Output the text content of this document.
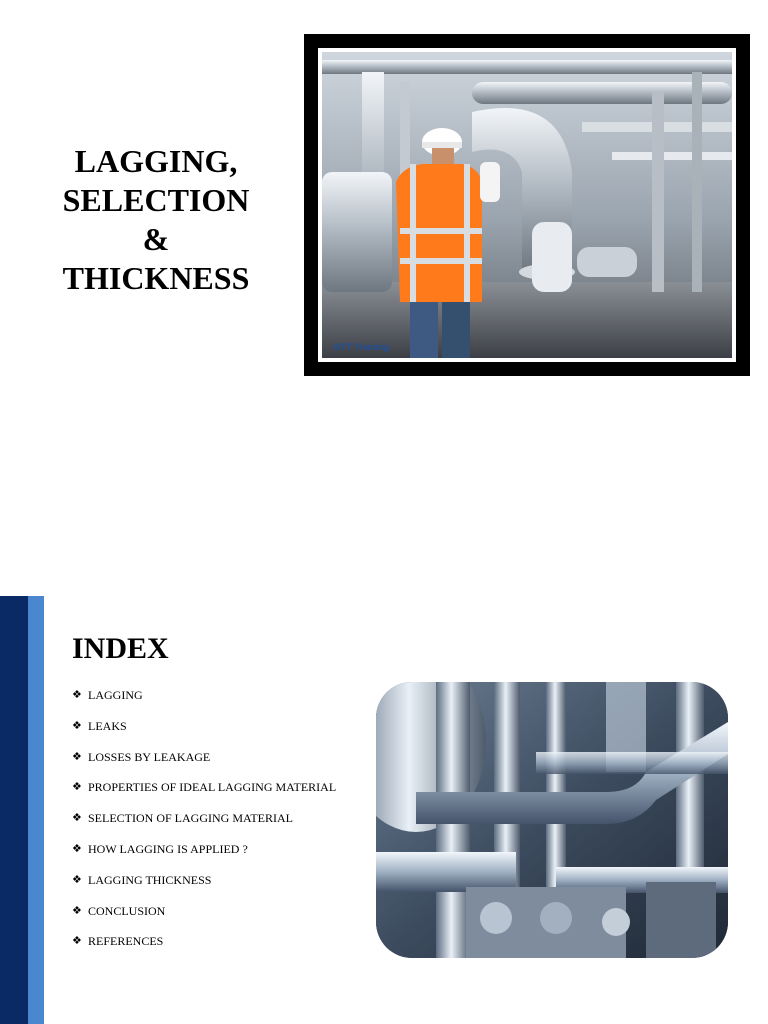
LAGGING,
SELECTION
&
THICKNESS
NTT Training
INDEX
❖ LAGGING
❖ LEAKS
❖ LOSSES BY LEAKAGE
❖ PROPERTIES OF IDEAL LAGGING MATERIAL
❖ SELECTION OF LAGGING MATERIAL
❖ HOW LAGGING IS APPLIED ?
❖ LAGGING THICKNESS
❖ CONCLUSION
❖ REFERENCES
